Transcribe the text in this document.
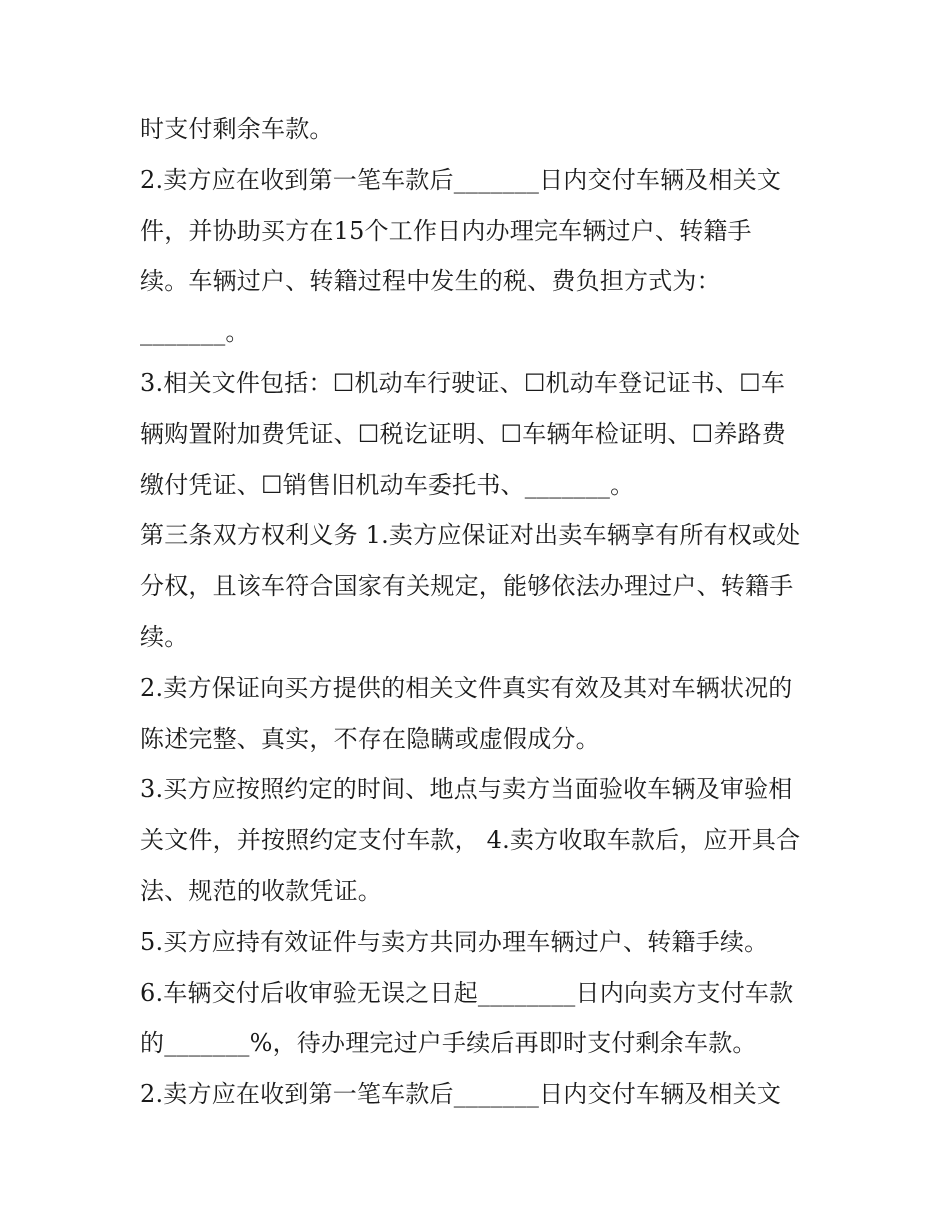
时支付剩余车款。
2.卖方应在收到第一笔车款后_______日内交付车辆及相关文
件，并协助买方在15个工作日内办理完车辆过户、转籍手
续。车辆过户、转籍过程中发生的税、费负担方式为：
_______。
3.相关文件包括：☐机动车行驶证、☐机动车登记证书、☐车
辆购置附加费凭证、☐税讫证明、☐车辆年检证明、☐养路费
缴付凭证、☐销售旧机动车委托书、_______。
第三条双方权利义务 1.卖方应保证对出卖车辆享有所有权或处
分权，且该车符合国家有关规定，能够依法办理过户、转籍手
续。
2.卖方保证向买方提供的相关文件真实有效及其对车辆状况的
陈述完整、真实，不存在隐瞒或虚假成分。
3.买方应按照约定的时间、地点与卖方当面验收车辆及审验相
关文件，并按照约定支付车款， 4.卖方收取车款后，应开具合
法、规范的收款凭证。
5.买方应持有效证件与卖方共同办理车辆过户、转籍手续。
6.车辆交付后收审验无误之日起________日内向卖方支付车款
的_______%，待办理完过户手续后再即时支付剩余车款。
2.卖方应在收到第一笔车款后_______日内交付车辆及相关文
